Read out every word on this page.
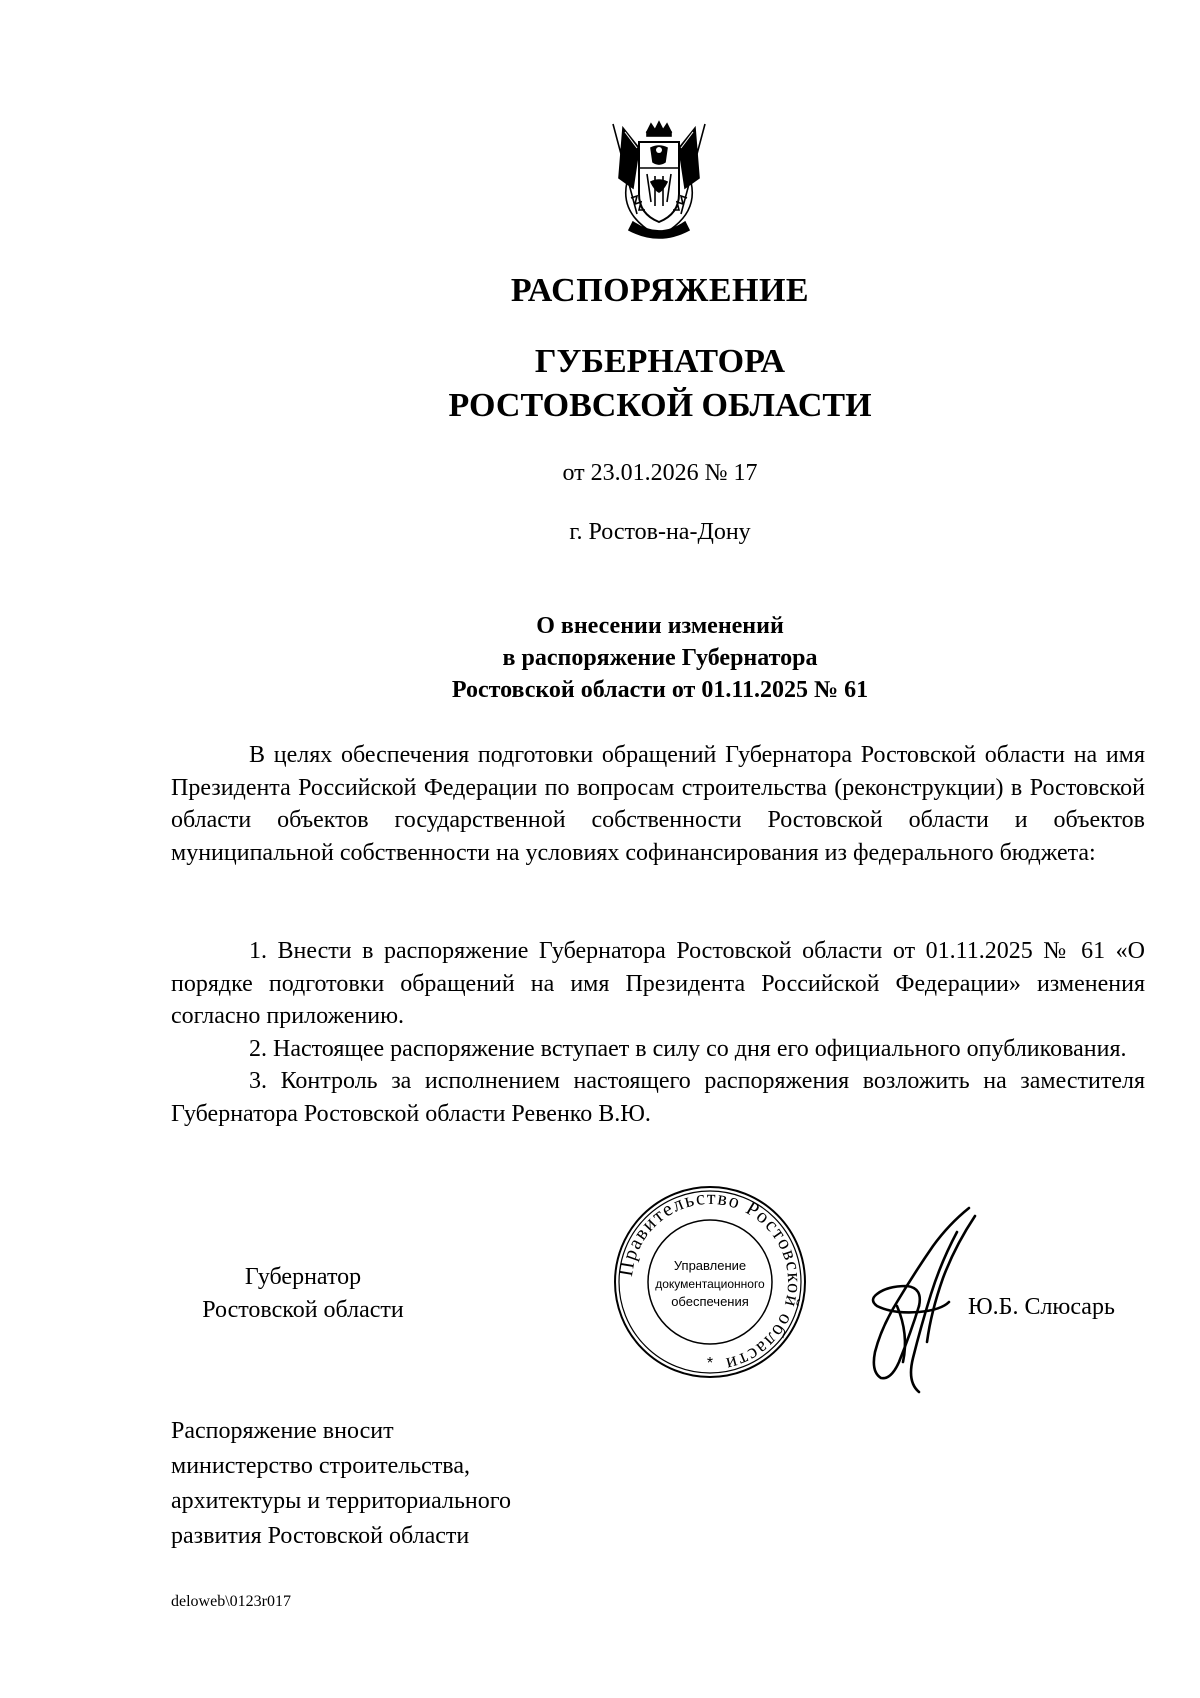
РАСПОРЯЖЕНИЕ
ГУБЕРНАТОРА
РОСТОВСКОЙ ОБЛАСТИ
от 23.01.2026 № 17
г. Ростов-на-Дону
О внесении изменений
в распоряжение Губернатора
Ростовской области от 01.11.2025 № 61

В целях обеспечения подготовки обращений Губернатора Ростовской области на имя Президента Российской Федерации по вопросам строительства (реконструкции) в Ростовской области объектов государственной собственности Ростовской области и объектов муниципальной собственности на условиях софинансирования из федерального бюджета:

1. Внести в распоряжение Губернатора Ростовской области от 01.11.2025 № 61 «О порядке подготовки обращений на имя Президента Российской Федерации» изменения согласно приложению.

2. Настоящее распоряжение вступает в силу со дня его официального опубликования.

3. Контроль за исполнением настоящего распоряжения возложить на заместителя Губернатора Ростовской области Ревенко В.Ю.

Губернатор
Ростовской области
Правительство Ростовской области
Управление
документационного
обеспечения
*
Ю.Б. Слюсарь
Распоряжение вносит
министерство строительства,
архитектуры и территориального
развития Ростовской области
deloweb\0123r017
